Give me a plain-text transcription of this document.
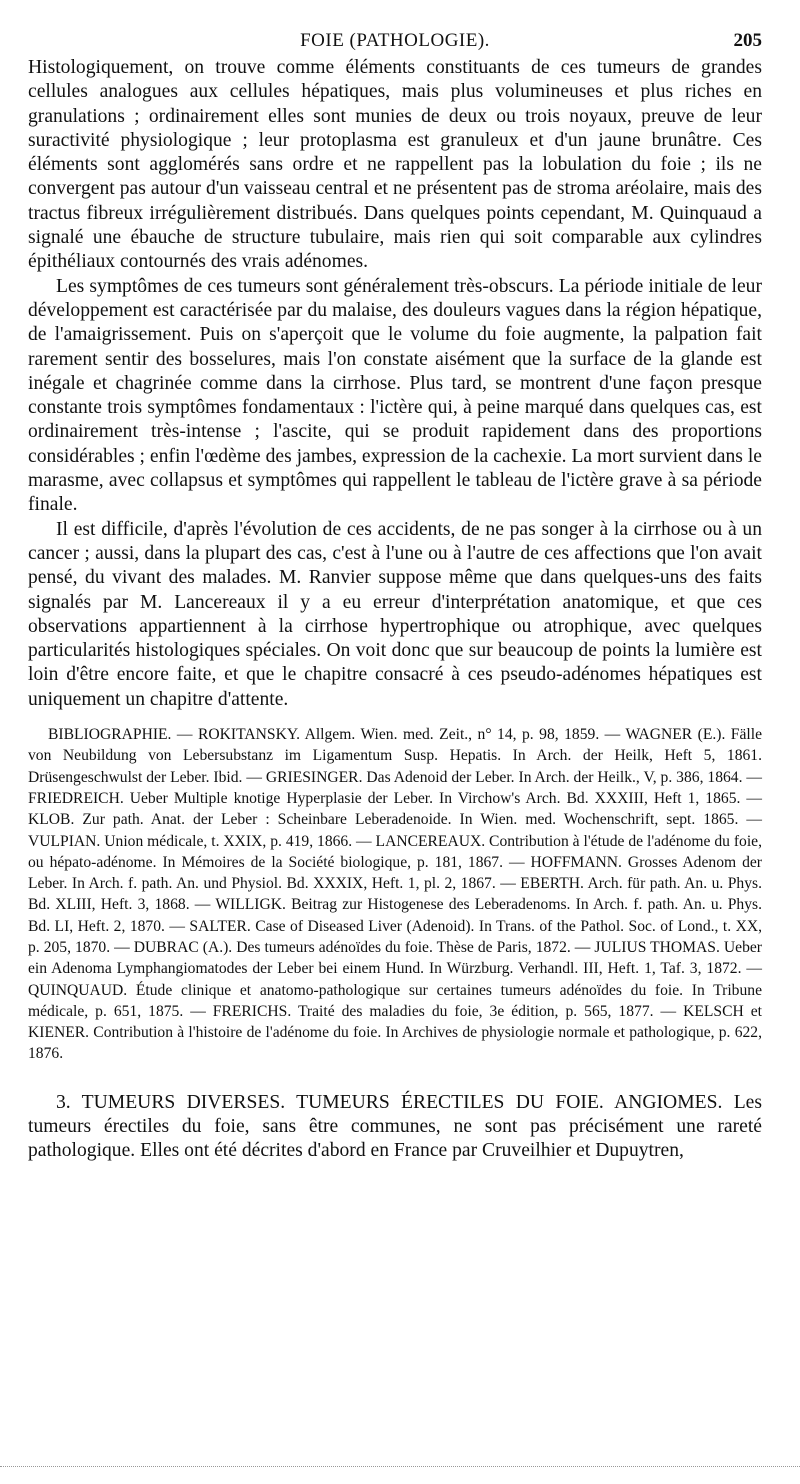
FOIE (PATHOLOGIE).	205

Histologiquement, on trouve comme éléments constituants de ces tumeurs de grandes cellules analogues aux cellules hépatiques, mais plus volumineuses et plus riches en granulations ; ordinairement elles sont munies de deux ou trois noyaux, preuve de leur suractivité physiologique ; leur protoplasma est granuleux et d'un jaune brunâtre. Ces éléments sont agglomérés sans ordre et ne rappellent pas la lobulation du foie ; ils ne convergent pas autour d'un vaisseau central et ne présentent pas de stroma aréolaire, mais des tractus fibreux irrégulièrement distribués. Dans quelques points cependant, M. Quinquaud a signalé une ébauche de structure tubulaire, mais rien qui soit comparable aux cylindres épithéliaux contournés des vrais adénomes.

Les symptômes de ces tumeurs sont généralement très-obscurs. La période initiale de leur développement est caractérisée par du malaise, des douleurs vagues dans la région hépatique, de l'amaigrissement. Puis on s'aperçoit que le volume du foie augmente, la palpation fait rarement sentir des bosselures, mais l'on constate aisément que la surface de la glande est inégale et chagrinée comme dans la cirrhose. Plus tard, se montrent d'une façon presque constante trois symptômes fondamentaux : l'ictère qui, à peine marqué dans quelques cas, est ordinairement très-intense ; l'ascite, qui se produit rapidement dans des proportions considérables ; enfin l'œdème des jambes, expression de la cachexie. La mort survient dans le marasme, avec collapsus et symptômes qui rappellent le tableau de l'ictère grave à sa période finale.

Il est difficile, d'après l'évolution de ces accidents, de ne pas songer à la cirrhose ou à un cancer ; aussi, dans la plupart des cas, c'est à l'une ou à l'autre de ces affections que l'on avait pensé, du vivant des malades. M. Ranvier suppose même que dans quelques-uns des faits signalés par M. Lancereaux il y a eu erreur d'interprétation anatomique, et que ces observations appartiennent à la cirrhose hypertrophique ou atrophique, avec quelques particularités histologiques spéciales. On voit donc que sur beaucoup de points la lumière est loin d'être encore faite, et que le chapitre consacré à ces pseudo-adénomes hépatiques est uniquement un chapitre d'attente.

BIBLIOGRAPHIE. — ROKITANSKY. Allgem. Wien. med. Zeit., n° 14, p. 98, 1859. — WAGNER (E.). Fälle von Neubildung von Lebersubstanz im Ligamentum Susp. Hepatis. In Arch. der Heilk, Heft 5, 1861. Drüsengeschwulst der Leber. Ibid. — GRIESINGER. Das Adenoid der Leber. In Arch. der Heilk., V, p. 386, 1864. — FRIEDREICH. Ueber Multiple knotige Hyperplasie der Leber. In Virchow's Arch. Bd. XXXIII, Heft 1, 1865. — KLOB. Zur path. Anat. der Leber : Scheinbare Leberadenoide. In Wien. med. Wochenschrift, sept. 1865. — VULPIAN. Union médicale, t. XXIX, p. 419, 1866. — LANCEREAUX. Contribution à l'étude de l'adénome du foie, ou hépato-adénome. In Mémoires de la Société biologique, p. 181, 1867. — HOFFMANN. Grosses Adenom der Leber. In Arch. f. path. An. und Physiol. Bd. XXXIX, Heft. 1, pl. 2, 1867. — EBERTH. Arch. für path. An. u. Phys. Bd. XLIII, Heft. 3, 1868. — WILLIGK. Beitrag zur Histogenese des Leberadenoms. In Arch. f. path. An. u. Phys. Bd. LI, Heft. 2, 1870. — SALTER. Case of Diseased Liver (Adenoid). In Trans. of the Pathol. Soc. of Lond., t. XX, p. 205, 1870. — DUBRAC (A.). Des tumeurs adénoïdes du foie. Thèse de Paris, 1872. — JULIUS THOMAS. Ueber ein Adenoma Lymphangiomatodes der Leber bei einem Hund. In Würzburg. Verhandl. III, Heft. 1, Taf. 3, 1872. — QUINQUAUD. Étude clinique et anatomo-pathologique sur certaines tumeurs adénoïdes du foie. In Tribune médicale, p. 651, 1875. — FRERICHS. Traité des maladies du foie, 3e édition, p. 565, 1877. — KELSCH et KIENER. Contribution à l'histoire de l'adénome du foie. In Archives de physiologie normale et pathologique, p. 622, 1876.

3. TUMEURS DIVERSES. TUMEURS ÉRECTILES DU FOIE. ANGIOMES. Les tumeurs érectiles du foie, sans être communes, ne sont pas précisément une rareté pathologique. Elles ont été décrites d'abord en France par Cruveilhier et Dupuytren,
